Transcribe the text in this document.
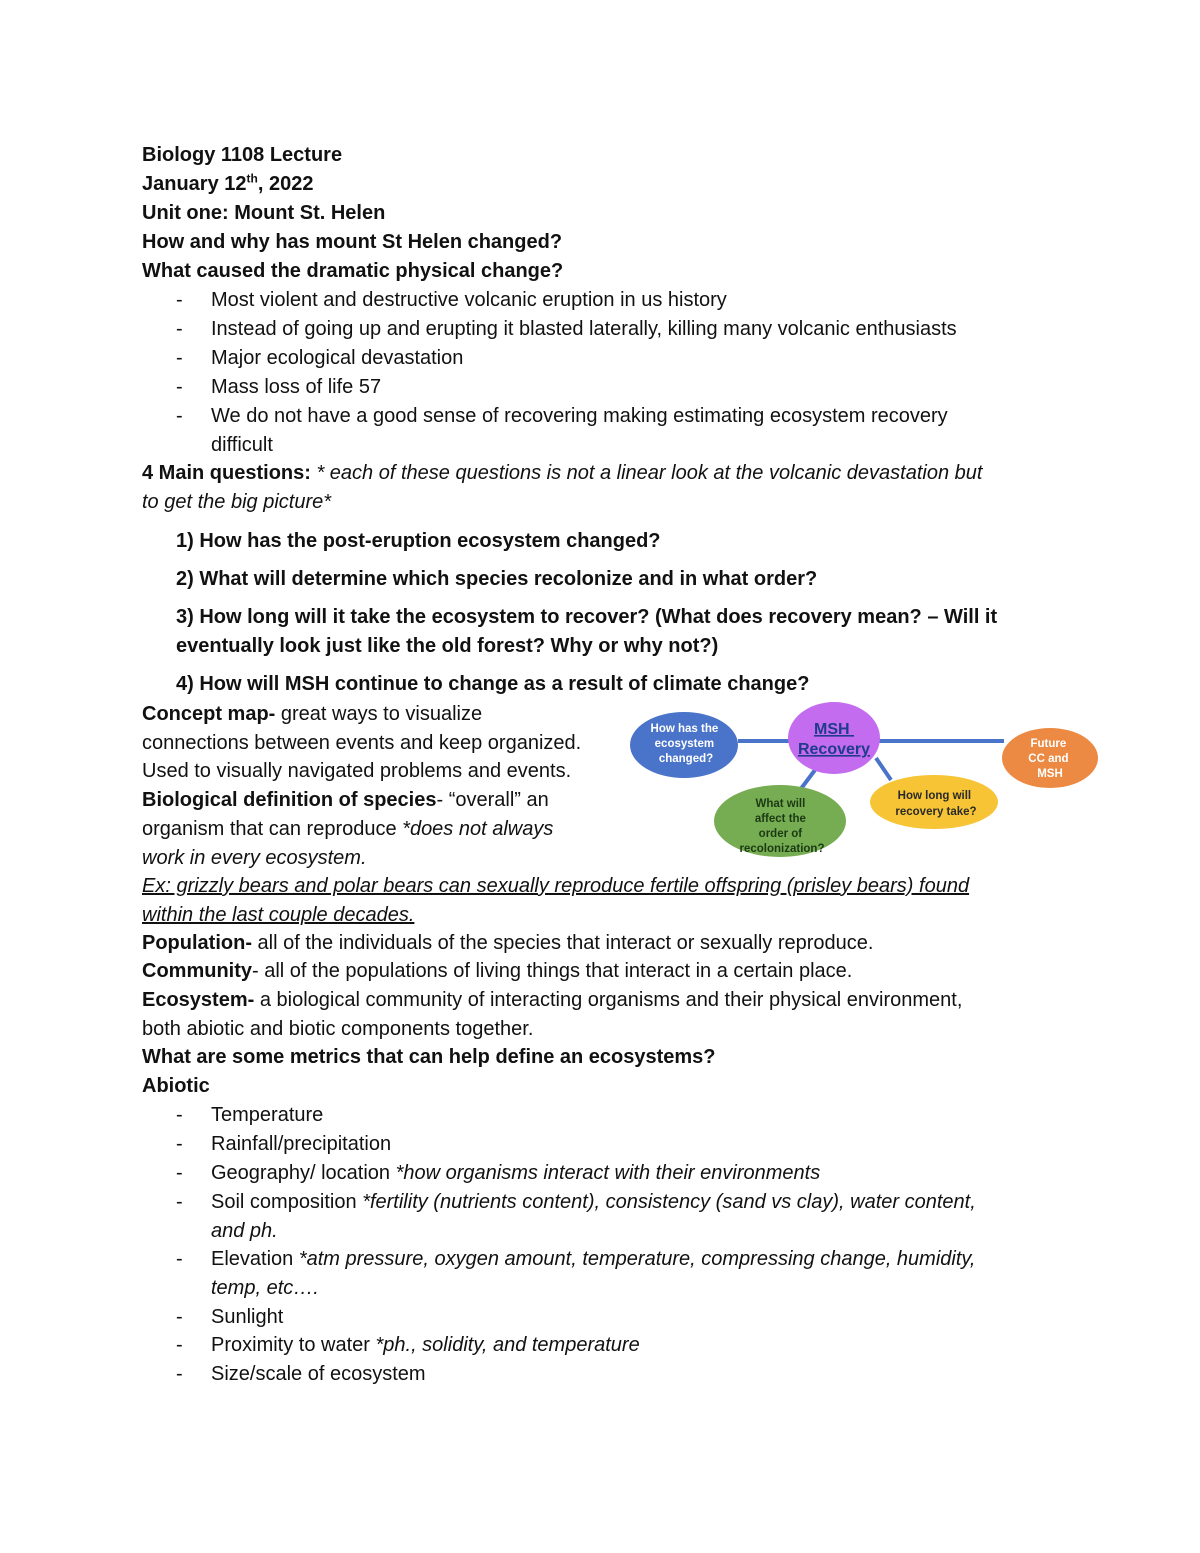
Biology 1108 Lecture
January 12th, 2022
Unit one: Mount St. Helen
How and why has mount St Helen changed?
What caused the dramatic physical change?
- Most violent and destructive volcanic eruption in us history
- Instead of going up and erupting it blasted laterally, killing many volcanic enthusiasts
- Major ecological devastation
- Mass loss of life 57
- We do not have a good sense of recovering making estimating ecosystem recovery
difficult
4 Main questions: * each of these questions is not a linear look at the volcanic devastation but
to get the big picture*
1) How has the post-eruption ecosystem changed?
2) What will determine which species recolonize and in what order?
3) How long will it take the ecosystem to recover? (What does recovery mean? – Will it
eventually look just like the old forest? Why or why not?)
4) How will MSH continue to change as a result of climate change?
Concept map- great ways to visualize
connections between events and keep organized.
Used to visually navigated problems and events.
Biological definition of species- “overall” an
organism that can reproduce *does not always
work in every ecosystem.
Ex: grizzly bears and polar bears can sexually reproduce fertile offspring (prisley bears) found
within the last couple decades.
How has the ecosystem changed?
MSH Recovery	Future CC and MSH
What will affect the order of recolonization?
How long will recovery take?
Population- all of the individuals of the species that interact or sexually reproduce.
Community- all of the populations of living things that interact in a certain place.
Ecosystem- a biological community of interacting organisms and their physical environment,
both abiotic and biotic components together.
What are some metrics that can help define an ecosystems?
Abiotic
- Temperature
- Rainfall/precipitation
- Geography/ location *how organisms interact with their environments
- Soil composition *fertility (nutrients content), consistency (sand vs clay), water content,
and ph.
- Elevation *atm pressure, oxygen amount, temperature, compressing change, humidity,
temp, etc….
- Sunlight
- Proximity to water *ph., solidity, and temperature
- Size/scale of ecosystem
